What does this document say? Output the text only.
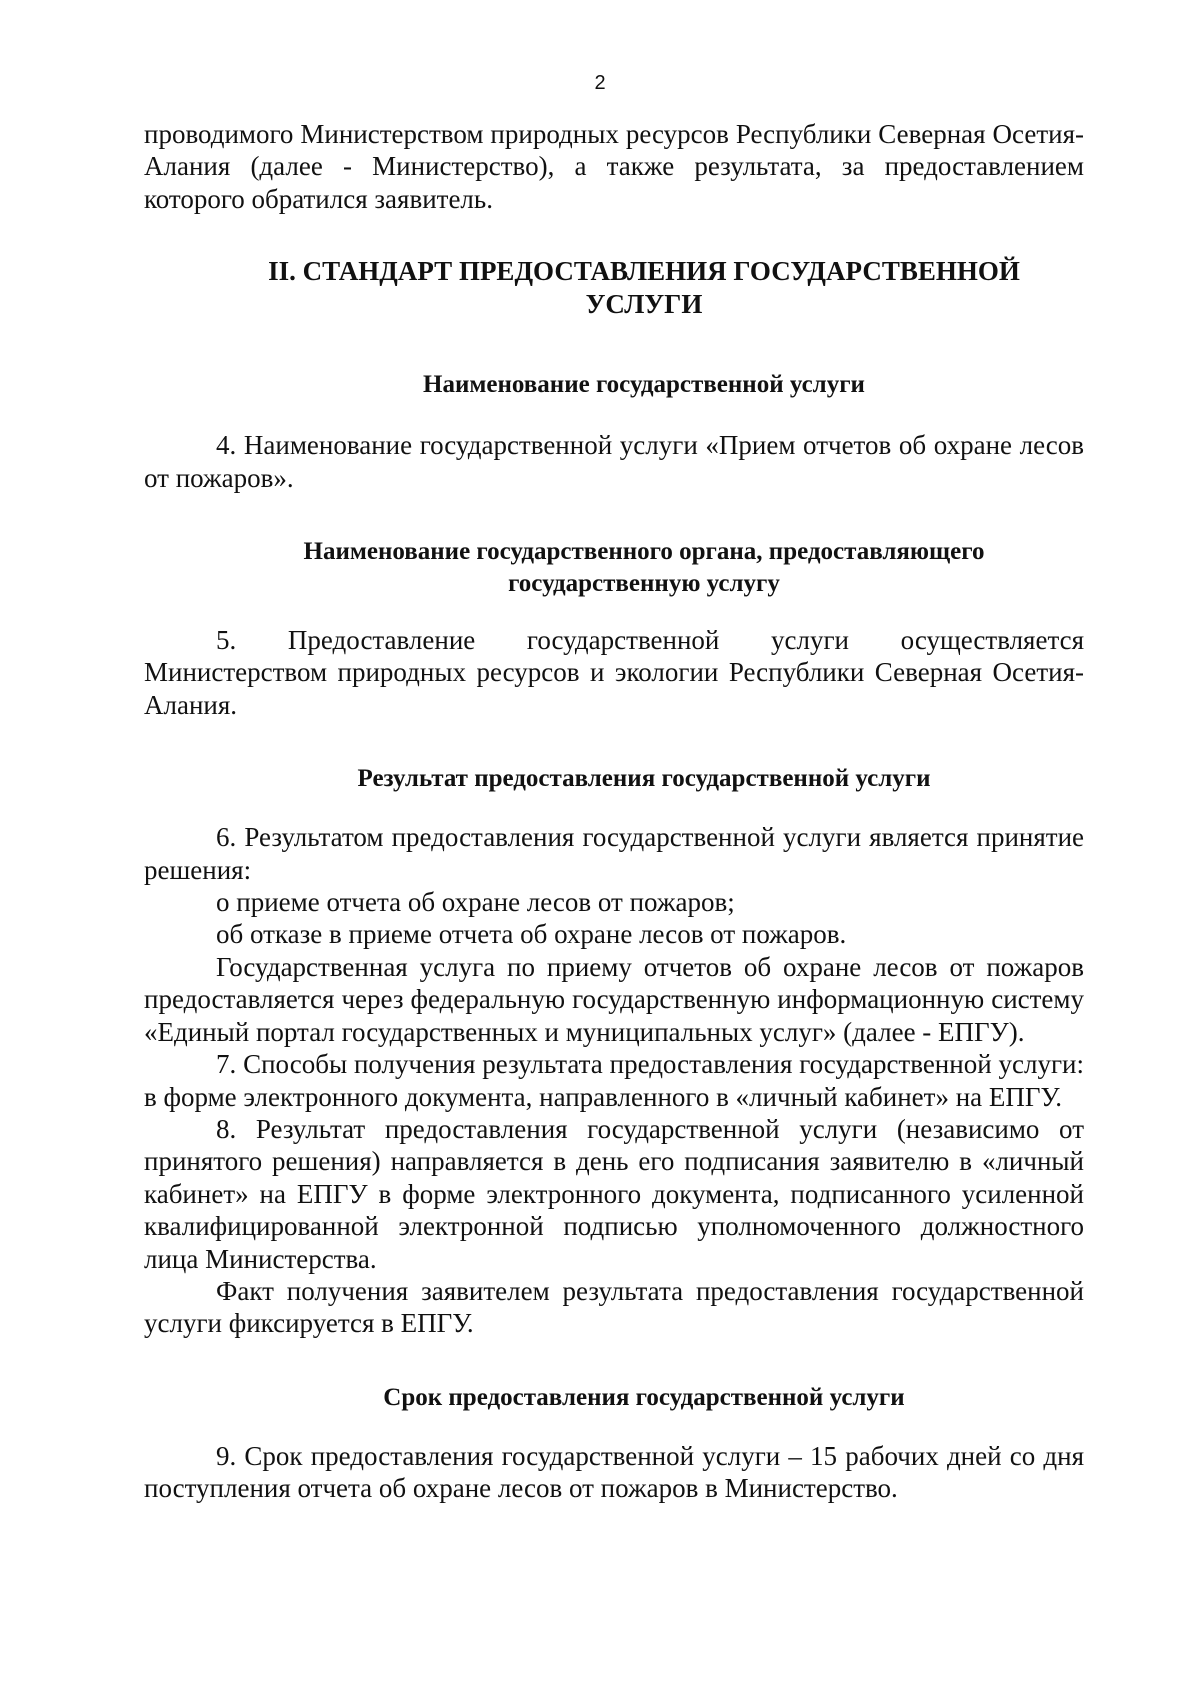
2

проводимого Министерством природных ресурсов Республики Северная Осетия-Алания (далее - Министерство), а также результата, за предоставлением которого обратился заявитель.

II. СТАНДАРТ ПРЕДОСТАВЛЕНИЯ ГОСУДАРСТВЕННОЙ
УСЛУГИ
Наименование государственной услуги

4. Наименование государственной услуги «Прием отчетов об охране лесов от пожаров».

Наименование государственного органа, предоставляющего
государственную услугу

5. Предоставление государственной услуги осуществляется Министерством природных ресурсов и экологии Республики Северная Осетия-Алания.

Результат предоставления государственной услуги

6. Результатом предоставления государственной услуги является принятие решения:

о приеме отчета об охране лесов от пожаров;

об отказе в приеме отчета об охране лесов от пожаров.

Государственная услуга по приему отчетов об охране лесов от пожаров предоставляется через федеральную государственную информационную систему «Единый портал государственных и муниципальных услуг» (далее - ЕПГУ).

7. Способы получения результата предоставления государственной услуги: в форме электронного документа, направленного в «личный кабинет» на ЕПГУ.

8. Результат предоставления государственной услуги (независимо от принятого решения) направляется в день его подписания заявителю в «личный кабинет» на ЕПГУ в форме электронного документа, подписанного усиленной квалифицированной электронной подписью уполномоченного должностного лица Министерства.

Факт получения заявителем результата предоставления государственной услуги фиксируется в ЕПГУ.

Срок предоставления государственной услуги

9. Срок предоставления государственной услуги – 15 рабочих дней со дня поступления отчета об охране лесов от пожаров в Министерство.
